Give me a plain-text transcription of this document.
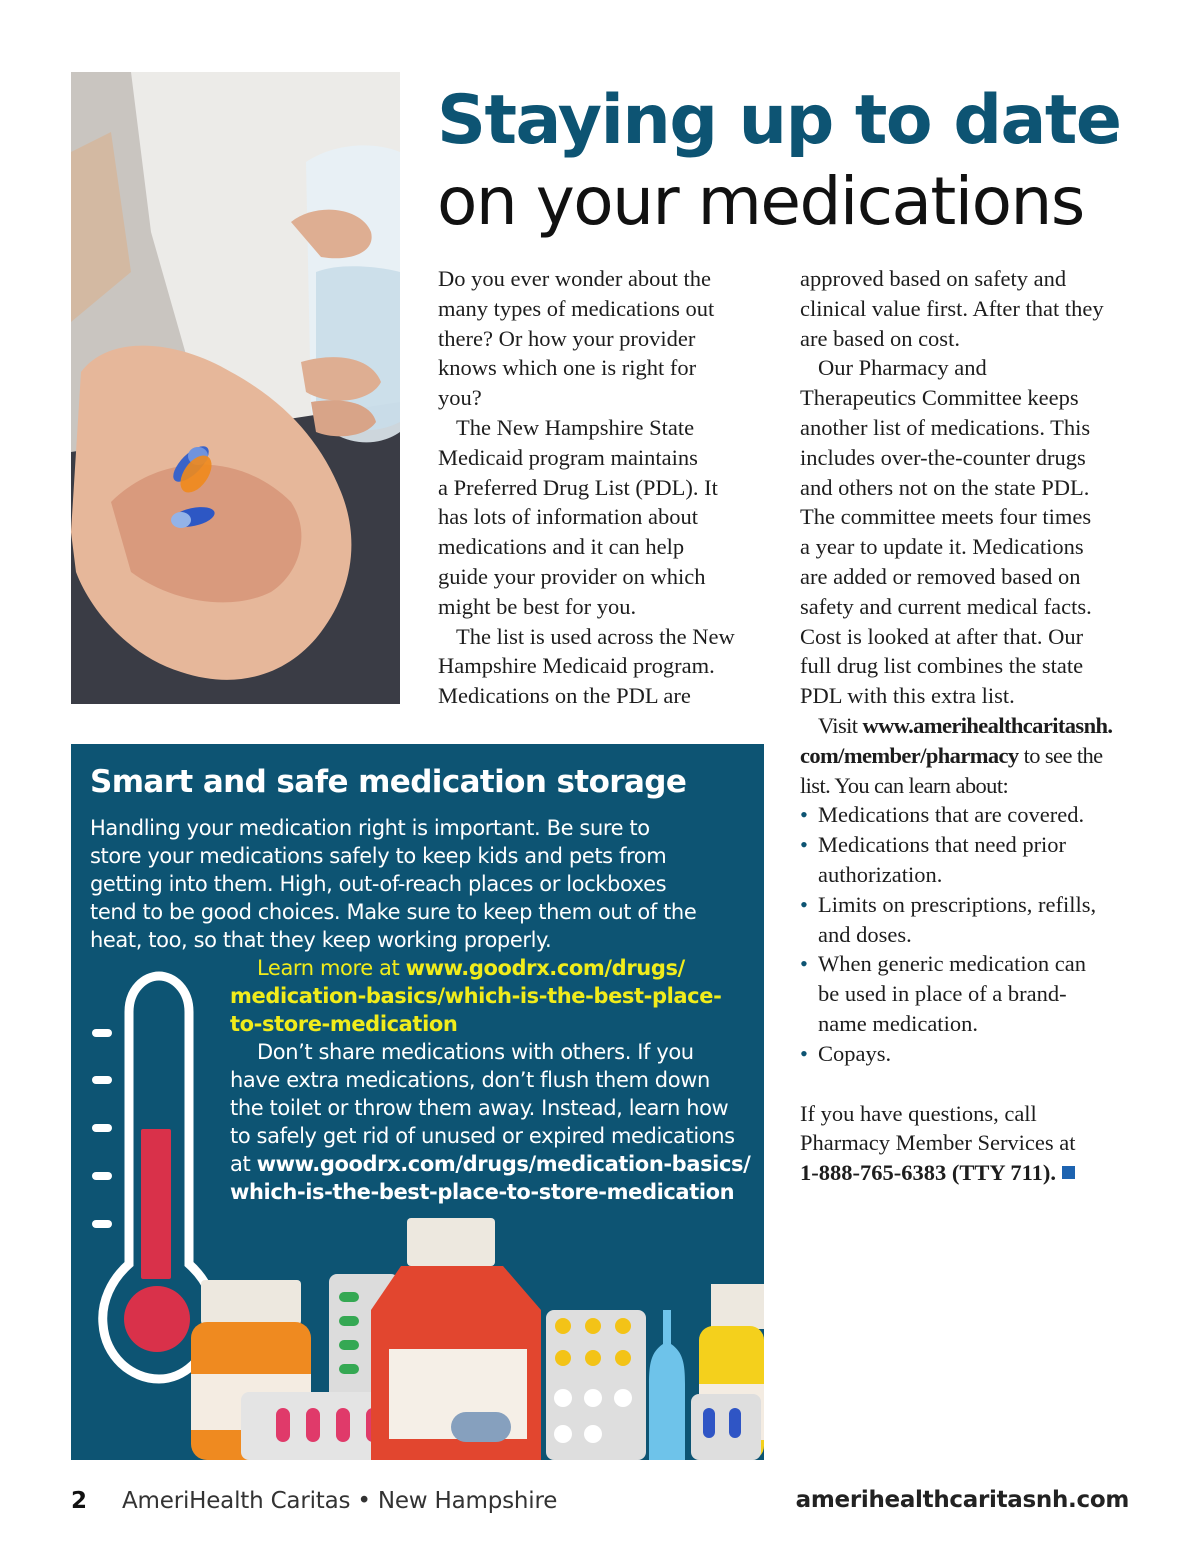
Staying up to date
on your medications

Do you ever wonder about the
many types of medications out
there? Or how your provider
knows which one is right for
you?

The New Hampshire State
Medicaid program maintains
a Preferred Drug List (PDL). It
has lots of information about
medications and it can help
guide your provider on which
might be best for you.

The list is used across the New
Hampshire Medicaid program.
Medications on the PDL are

approved based on safety and
clinical value first. After that they
are based on cost.

Our Pharmacy and
Therapeutics Committee keeps
another list of medications. This
includes over-the-counter drugs
and others not on the state PDL.
The committee meets four times
a year to update it. Medications
are added or removed based on
safety and current medical facts.
Cost is looked at after that. Our
full drug list combines the state
PDL with this extra list.

Visit www.amerihealthcaritasnh.
com/member/pharmacy to see the
list. You can learn about:

• Medications that are covered.
• Medications that need prior
authorization.
• Limits on prescriptions, refills,
and doses.
• When generic medication can
be used in place of a brand-
name medication.
• Copays.

If you have questions, call
Pharmacy Member Services at
1-888-765-6383 (TTY 711).

Smart and safe medication storage
Handling your medication right is important. Be sure to
store your medications safely to keep kids and pets from
getting into them. High, out-of-reach places or lockboxes
tend to be good choices. Make sure to keep them out of the
heat, too, so that they keep working properly.
Learn more at www.goodrx.com/drugs/
medication-basics/which-is-the-best-place-
to-store-medication
Don’t share medications with others. If you
have extra medications, don’t flush them down
the toilet or throw them away. Instead, learn how
to safely get rid of unused or expired medications
at www.goodrx.com/drugs/medication-basics/
which-is-the-best-place-to-store-medication
2 AmeriHealth Caritas • New Hampshire	amerihealthcaritasnh.com
